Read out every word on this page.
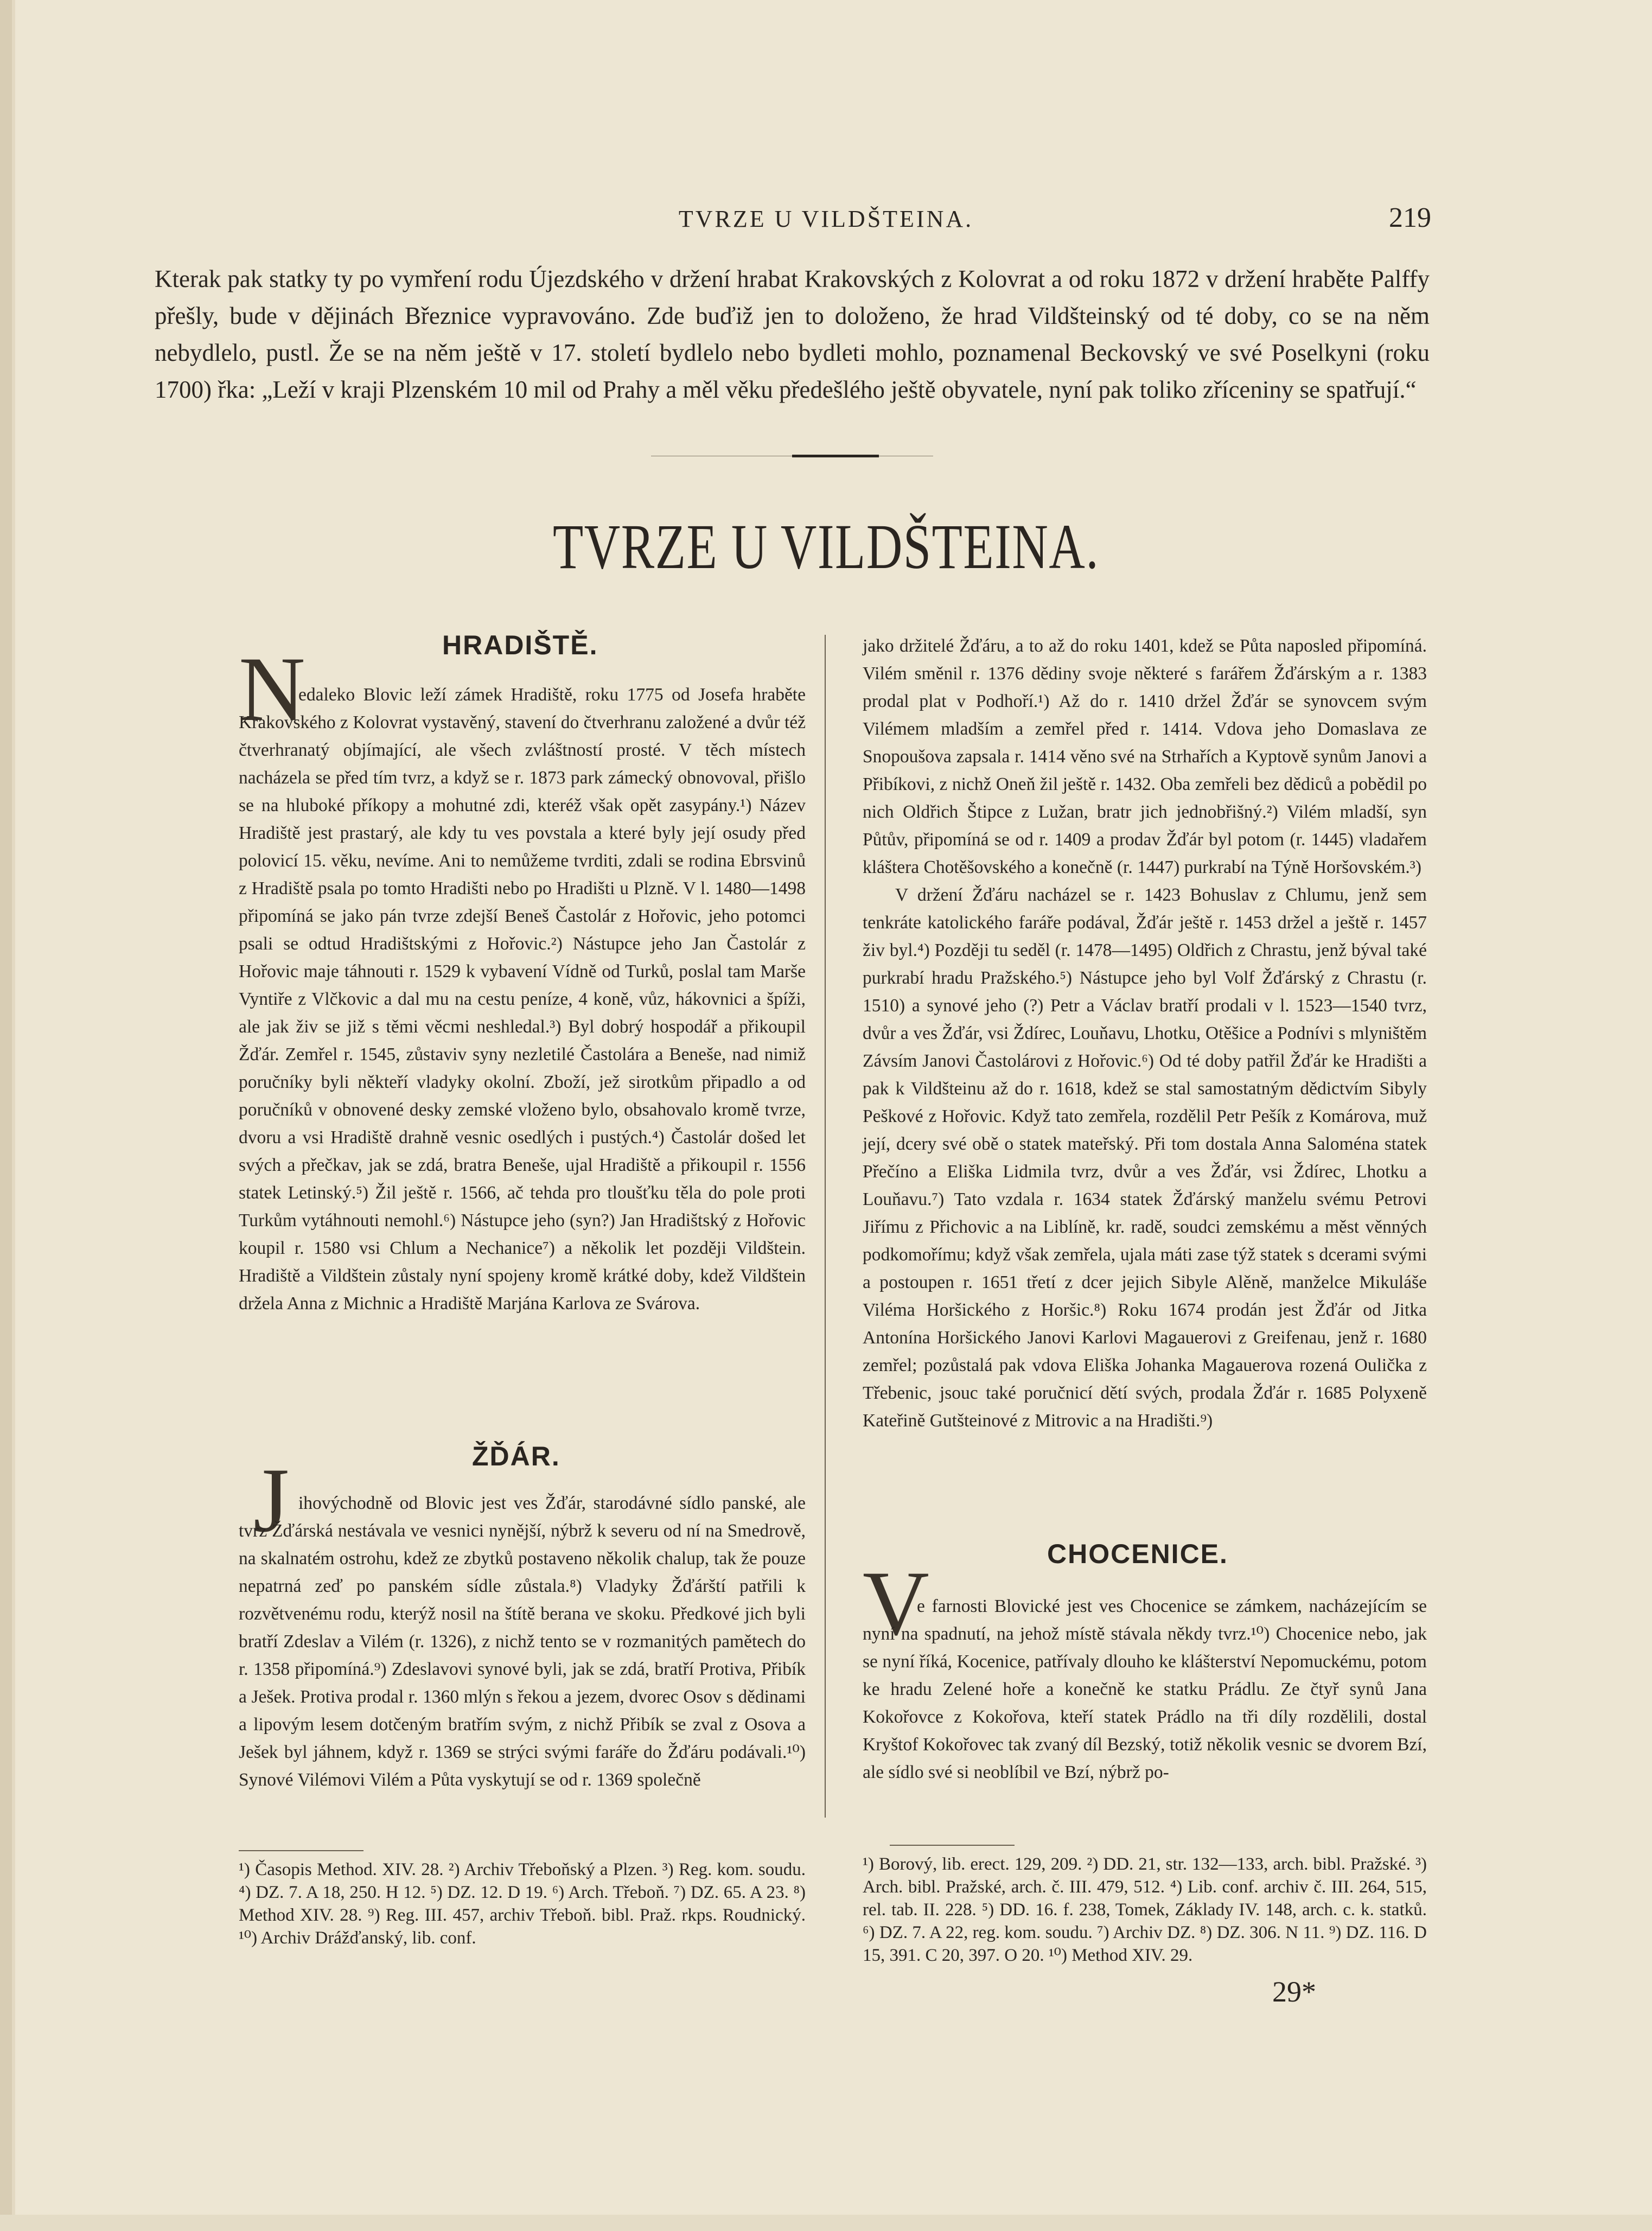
TVRZE U VILDŠTEINA.	219
Kterak pak statky ty po vymření rodu Újezdského v držení hrabat Krakovských z Kolovrat a od roku 1872 v držení hraběte Palffy přešly, bude v dějinách Březnice vypravováno. Zde buďiž jen to doloženo, že hrad Vildšteinský od té doby, co se na něm nebydlelo, pustl. Že se na něm ještě v 17. století bydlelo nebo bydleti mohlo, poznamenal Beckovský ve své Poselkyni (roku 1700) řka: „Leží v kraji Plzenském 10 mil od Prahy a měl věku předešlého ještě obyvatele, nyní pak toliko zříceniny se spatřují.“
TVRZE U VILDŠTEINA.
HRADIŠTĚ.
N

edaleko Blovic leží zámek Hradiště, roku 1775 od Josefa hraběte Krakovského z Kolovrat vystavěný, stavení do čtverhranu založené a dvůr též čtverhranatý objímající, ale všech zvláštností prosté. V těch místech nacházela se před tím tvrz, a když se r. 1873 park zámecký obnovoval, přišlo se na hluboké příkopy a mohutné zdi, kteréž však opět zasypány.¹) Název Hradiště jest prastarý, ale kdy tu ves povstala a které byly její osudy před polovicí 15. věku, nevíme. Ani to nemůžeme tvrditi, zdali se rodina Ebrsvinů z Hradiště psala po tomto Hradišti nebo po Hradišti u Plzně. V l. 1480—1498 připomíná se jako pán tvrze zdejší Beneš Častolár z Hořovic, jeho potomci psali se odtud Hradištskými z Hořovic.²) Nástupce jeho Jan Častolár z Hořovic maje táhnouti r. 1529 k vybavení Vídně od Turků, poslal tam Marše Vyntiře z Vlčkovic a dal mu na cestu peníze, 4 koně, vůz, hákovnici a špíži, ale jak živ se již s těmi věcmi neshledal.³) Byl dobrý hospodář a přikoupil Žďár. Zemřel r. 1545, zůstaviv syny nezletilé Častolára a Beneše, nad nimiž poručníky byli někteří vladyky okolní. Zboží, jež sirotkům připadlo a od poručníků v obnovené desky zemské vloženo bylo, obsahovalo kromě tvrze, dvoru a vsi Hradiště drahně vesnic osedlých i pustých.⁴) Častolár došed let svých a přečkav, jak se zdá, bratra Beneše, ujal Hradiště a přikoupil r. 1556 statek Letinský.⁵) Žil ještě r. 1566, ač tehda pro tloušťku těla do pole proti Turkům vytáhnouti nemohl.⁶) Nástupce jeho (syn?) Jan Hradištský z Hořovic koupil r. 1580 vsi Chlum a Nechanice⁷) a několik let později Vildštein. Hradiště a Vildštein zůstaly nyní spojeny kromě krátké doby, kdež Vildštein držela Anna z Michnic a Hradiště Marjána Karlova ze Svárova.

ŽĎÁR.
J ihovýchodně od Blovic jest ves Žďár, starodávné sídlo panské, ale tvrz Žďárská nestávala ve vesnici nynější, nýbrž k severu od ní na Smedrově, na skalnatém ostrohu, kdež ze zbytků postaveno několik chalup, tak že pouze nepatrná zeď po panském sídle zůstala.⁸) Vladyky Žďárští patřili k rozvětvenému rodu, kterýž nosil na štítě berana ve skoku. Předkové jich byli bratří Zdeslav a Vilém (r. 1326), z nichž tento se v rozmanitých pamětech do r. 1358 připomíná.⁹) Zdeslavovi synové byli, jak se zdá, bratří Protiva, Přibík a Ješek. Protiva prodal r. 1360 mlýn s řekou a jezem, dvorec Osov s dědinami a lipovým lesem dotčeným bratřím svým, z nichž Přibík se zval z Osova a Ješek byl jáhnem, když r. 1369 se strýci svými faráře do Žďáru podávali.¹⁰) Synové Vilémovi Vilém a Půta vyskytují se od r. 1369 společně

jako držitelé Žďáru, a to až do roku 1401, kdež se Půta naposled připomíná. Vilém směnil r. 1376 dědiny svoje některé s farářem Žďárským a r. 1383 prodal plat v Podhoří.¹) Až do r. 1410 držel Žďár se synovcem svým Vilémem mladším a zemřel před r. 1414. Vdova jeho Domaslava ze Snopoušova zapsala r. 1414 věno své na Strhařích a Kyptově synům Janovi a Přibíkovi, z nichž Oneň žil ještě r. 1432. Oba zemřeli bez dědiců a pobědil po nich Oldřich Štipce z Lužan, bratr jich jednobřišný.²) Vilém mladší, syn Půtův, připomíná se od r. 1409 a prodav Žďár byl potom (r. 1445) vladařem kláštera Chotěšovského a konečně (r. 1447) purkrabí na Týně Horšovském.³)

V držení Žďáru nacházel se r. 1423 Bohuslav z Chlumu, jenž sem tenkráte katolického faráře podával, Žďár ještě r. 1453 držel a ještě r. 1457 živ byl.⁴) Později tu seděl (r. 1478—1495) Oldřich z Chrastu, jenž býval také purkrabí hradu Pražského.⁵) Nástupce jeho byl Volf Žďárský z Chrastu (r. 1510) a synové jeho (?) Petr a Václav bratří prodali v l. 1523—1540 tvrz, dvůr a ves Žďár, vsi Ždírec, Louňavu, Lhotku, Otěšice a Podnívi s mlyništěm Závsím Janovi Častolárovi z Hořovic.⁶) Od té doby patřil Žďár ke Hradišti a pak k Vildšteinu až do r. 1618, kdež se stal samostatným dědictvím Sibyly Peškové z Hořovic. Když tato zemřela, rozdělil Petr Pešík z Komárova, muž její, dcery své obě o statek mateřský. Při tom dostala Anna Saloména statek Přečíno a Eliška Lidmila tvrz, dvůr a ves Žďár, vsi Ždírec, Lhotku a Louňavu.⁷) Tato vzdala r. 1634 statek Žďárský manželu svému Petrovi Jiřímu z Přichovic a na Liblíně, kr. radě, soudci zemskému a měst věnných podkomořímu; když však zemřela, ujala máti zase týž statek s dcerami svými a postoupen r. 1651 třetí z dcer jejich Sibyle Alěně, manželce Mikuláše Viléma Horšického z Horšic.⁸) Roku 1674 prodán jest Žďár od Jitka Antonína Horšického Janovi Karlovi Magauerovi z Greifenau, jenž r. 1680 zemřel; pozůstalá pak vdova Eliška Johanka Magauerova rozená Oulička z Třebenic, jsouc také poručnicí dětí svých, prodala Žďár r. 1685 Polyxeně Kateřině Gutšteinové z Mitrovic a na Hradišti.⁹)

CHOCENICE.
V

e farnosti Blovické jest ves Chocenice se zámkem, nacházejícím se nyní na spadnutí, na jehož místě stávala někdy tvrz.¹⁰) Chocenice nebo, jak se nyní říká, Kocenice, patřívaly dlouho ke klášterství Nepomuckému, potom ke hradu Zelené hoře a konečně ke statku Prádlu. Ze čtyř synů Jana Kokořovce z Kokořova, kteří statek Prádlo na tři díly rozdělili, dostal Kryštof Kokořovec tak zvaný díl Bezský, totiž několik vesnic se dvorem Bzí, ale sídlo své si neoblíbil ve Bzí, nýbrž po-

¹) Časopis Method. XIV. 28. ²) Archiv Třeboňský a Plzen. ³) Reg. kom. soudu. ⁴) DZ. 7. A 18, 250. H 12. ⁵) DZ. 12. D 19. ⁶) Arch. Třeboň. ⁷) DZ. 65. A 23. ⁸) Method XIV. 28. ⁹) Reg. III. 457, archiv Třeboň. bibl. Praž. rkps. Roudnický. ¹⁰) Archiv Drážďanský, lib. conf.
¹) Borový, lib. erect. 129, 209. ²) DD. 21, str. 132—133, arch. bibl. Pražské. ³) Arch. bibl. Pražské, arch. č. III. 479, 512. ⁴) Lib. conf. archiv č. III. 264, 515, rel. tab. II. 228. ⁵) DD. 16. f. 238, Tomek, Základy IV. 148, arch. c. k. statků. ⁶) DZ. 7. A 22, reg. kom. soudu. ⁷) Archiv DZ. ⁸) DZ. 306. N 11. ⁹) DZ. 116. D 15, 391. C 20, 397. O 20. ¹⁰) Method XIV. 29.
29*
